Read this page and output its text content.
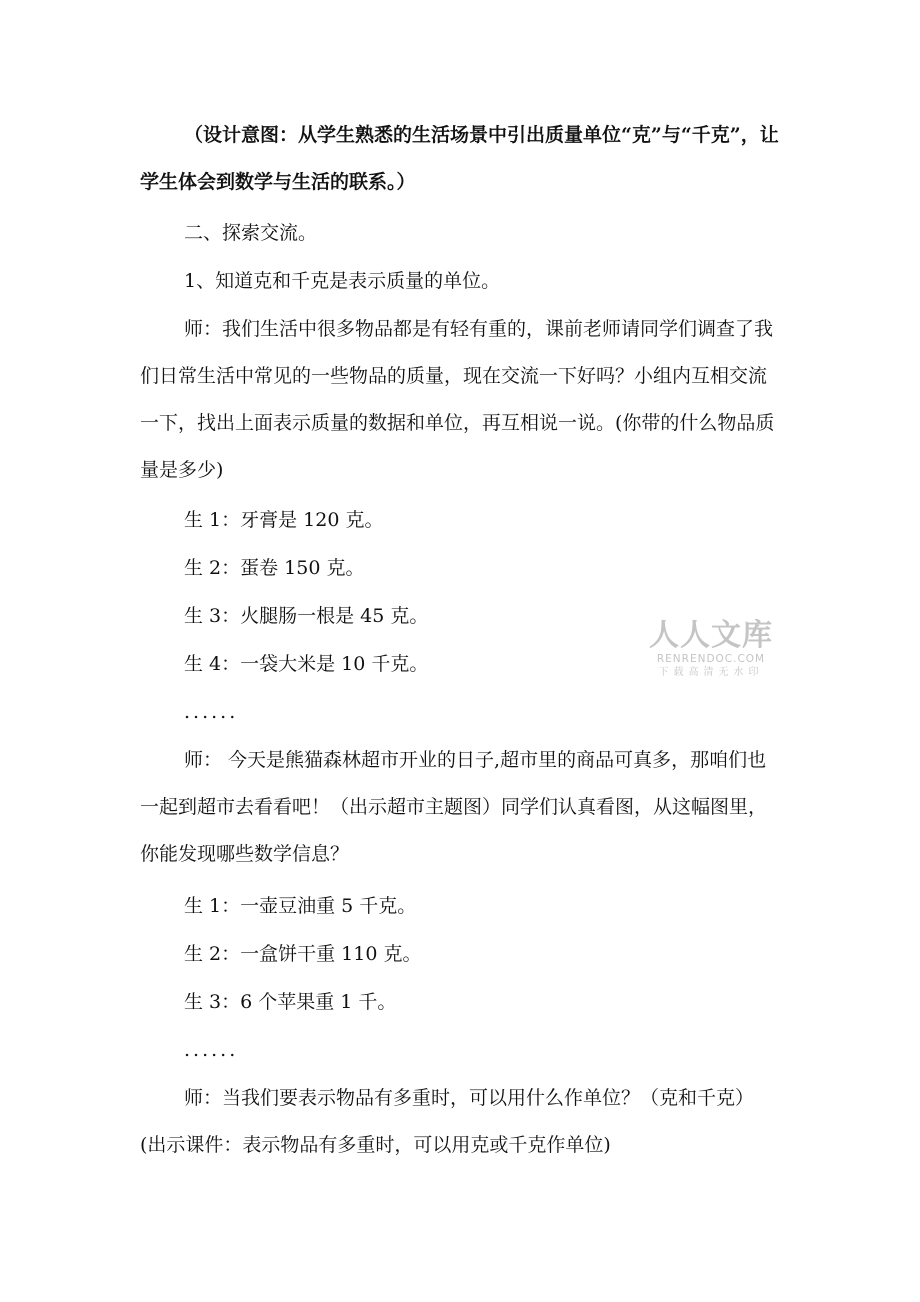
（设计意图：从学生熟悉的生活场景中引出质量单位“克”与“千克”，让学生体会到数学与生活的联系。）

二、探索交流。

1、知道克和千克是表示质量的单位。

师：我们生活中很多物品都是有轻有重的，课前老师请同学们调查了我们日常生活中常见的一些物品的质量，现在交流一下好吗？小组内互相交流一下，找出上面表示质量的数据和单位，再互相说一说。(你带的什么物品质量是多少)

生 1：牙膏是 120 克。

生 2：蛋卷 150 克。

生 3：火腿肠一根是 45 克。

生 4：一袋大米是 10 千克。

......

师： 今天是熊猫森林超市开业的日子,超市里的商品可真多，那咱们也一起到超市去看看吧！（出示超市主题图）同学们认真看图，从这幅图里，你能发现哪些数学信息？

生 1：一壶豆油重 5 千克。

生 2：一盒饼干重 110 克。

生 3：6 个苹果重 1 千。

......

师：当我们要表示物品有多重时，可以用什么作单位？（克和千克）(出示课件：表示物品有多重时，可以用克或千克作单位)

人人文库
RENRENDOC.COM
下载高清无水印
